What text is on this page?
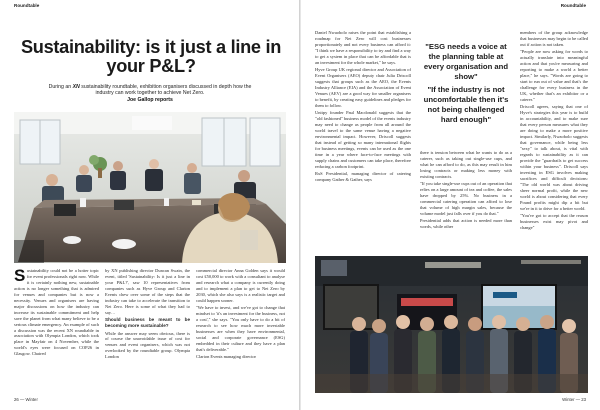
Roundtable
Sustainability: is it just a line in your P&L?
During an XN sustainability roundtable, exhibition organisers discussed in depth how the industry can work together to achieve Net Zero.
Joe Gallop reports

Sustainability could not be a hotter topic for event professionals right now. While it is certainly nothing new, sustainable action is no longer something that is admired for venues and companies but is now a necessity. Venues and organisers are having major discussions on how the industry can increase its sustainable commitment and help save the planet from what many believe to be a serious climate emergency. An example of such a discussion was the recent XN roundtable in association with Olympia London, which took place in Mayfair on 4 November, while the world's eyes were focused on COP26 in Glasgow. Chaired

by XN publishing director Duncan Swain, the event, titled 'Sustainability: Is it just a line in your P&L?', saw 10 representatives from companies such as Hyve Group and Clarion Events chew over some of the steps that the industry can take to accelerate the transition to Net Zero. Here is some of what they had to say…

Should business be meant to be becoming more sustainable?

While the answer may seem obvious, there is of course the unavoidable issue of cost for venues and event organisers, which was not overlooked by the roundtable group. Olympia London

commercial director Anna Golden says it would cost £50,000 to work with a consultant to analyse and research what a company is currently doing and to implement a plan to get to Net Zero by 2030, which she also says is a realistic target and could happen sooner.

"We have to invest, and we've got to change that mindset to 'it's an investment for the business, not a cost'," she says. "You only have to do a bit of research to see how much more investable businesses are when they have environmental, social and corporate governance (ESG) embedded in their culture and they have a plan that's deliverable."

Clarion Events managing director

26 — Winter
Roundtable

Daniel Nwaobolo raises the point that establishing a roadmap for Net Zero will cost businesses proportionately and not every business can afford it: "I think we have a responsibility to try and find a way to get a system in place that can be affordable that is an investment for the whole market," he says.

Hyve Group UK regional director and Association of Event Organisers (AEO) deputy chair Julia Driscoll suggests that groups such as the AEO, the Events Industry Alliance (EIA) and the Association of Event Venues (AEV) are a good way for smaller organisers to benefit, by creating easy guidelines and pledges for them to follow.

Unitpy founder Paul Macdonald suggests that the "old fashioned" business model of the events industry may need to change as people from all around the world travel to the same venue having a negative environmental impact. However, Driscoll suggests that instead of getting so many international flights for business meetings, events can be used as the one time in a year where face-to-face meetings with supply chains and customers can take place, therefore reducing a carbon footprint.

RxS Presidential, managing director of catering company Gather & Gather, says

"ESG needs a voice at the planning table at every organisation and show"
"If the industry is not uncomfortable then it's not being challenged hard enough"

there is tension between what he wants to do as a caterer, such as taking out single-use cups, and what he can afford to do, as this may result in him losing contracts or making less money with existing contracts.

"If you take single-use cups out of an operation that relies on a large amount of tea and coffee, the sales have dropped by 25%. No business in a commercial catering operation can afford to lose that volume of high margin sales, because the volume model just falls over if you do that."

Presidential adds that action is needed more than words, while other

members of the group acknowledge that businesses may begin to be called out if action is not taken.

"People are now asking for words to actually translate into meaningful action and that you're measuring and reporting to make a world a better place," he says. "Words are going to start to run out of value and that's the challenge for every business in the UK, whether that's an exhibitor or a caterer."

Driscoll agrees, saying that one of Hyve's strategies this year is to build in accountability, and to make sure that every person measures what they are doing to make a more positive impact. Similarly, Nwaobolo suggests that governance, while being less "sexy" to talk about, is vital with regards to sustainability as it can provide the "guardrails to get success within your business". Driscoll says investing in ESG involves making sacrifices and difficult decisions: "The old world was about driving sheer normal profit, while the new world is about considering that every Pound profits might dip a bit but we're in it to drive for a better world.

"You've got to accept that the reason businesses exist may pivot and change"

Winter — 23
